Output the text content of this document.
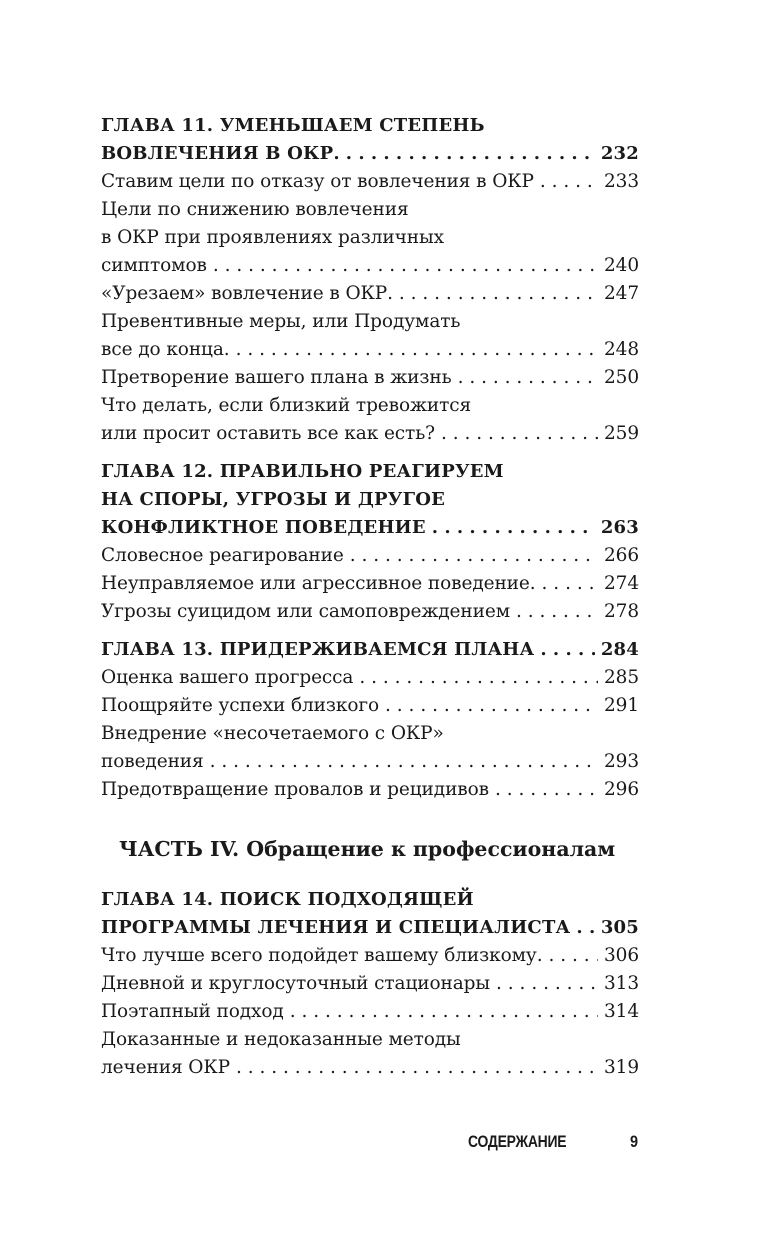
ГЛАВА 11. УМЕНЬШАЕМ СТЕПЕНЬ
ВОВЛЕЧЕНИЯ В ОКР. . . .	232
Ставим цели по отказу от вовлечения в ОКР . . .	233
Цели по снижению вовлечения
в ОКР при проявлениях различных
симптомов . . .	240
«Урезаем» вовлечение в ОКР. . . .	247
Превентивные меры, или Продумать
все до конца. . . .	248
Претворение вашего плана в жизнь . . .	250
Что делать, если близкий тревожится
или просит оставить все как есть? . . .	259
ГЛАВА 12. ПРАВИЛЬНО РЕАГИРУЕМ
НА СПОРЫ, УГРОЗЫ И ДРУГОЕ
КОНФЛИКТНОЕ ПОВЕДЕНИЕ . . .	263
Словесное реагирование . . .	266
Неуправляемое или агрессивное поведение. . . .	274
Угрозы суицидом или самоповреждением . . .	278
ГЛАВА 13. ПРИДЕРЖИВАЕМСЯ ПЛАНА . . .	284
Оценка вашего прогресса . . .	285
Поощряйте успехи близкого . . .	291
Внедрение «несочетаемого с ОКР»
поведения . . .	293
Предотвращение провалов и рецидивов . . .	296
ЧАСТЬ IV. Обращение к профессионалам
ГЛАВА 14. ПОИСК ПОДХОДЯЩЕЙ
ПРОГРАММЫ ЛЕЧЕНИЯ И СПЕЦИАЛИСТА . . . 305
Что лучше всего подойдет вашему близкому. . . .	306
Дневной и круглосуточный стационары . . .	313
Поэтапный подход . . .	314
Доказанные и недоказанные методы
лечения ОКР . . .	319
СОДЕРЖАНИЕ	9
